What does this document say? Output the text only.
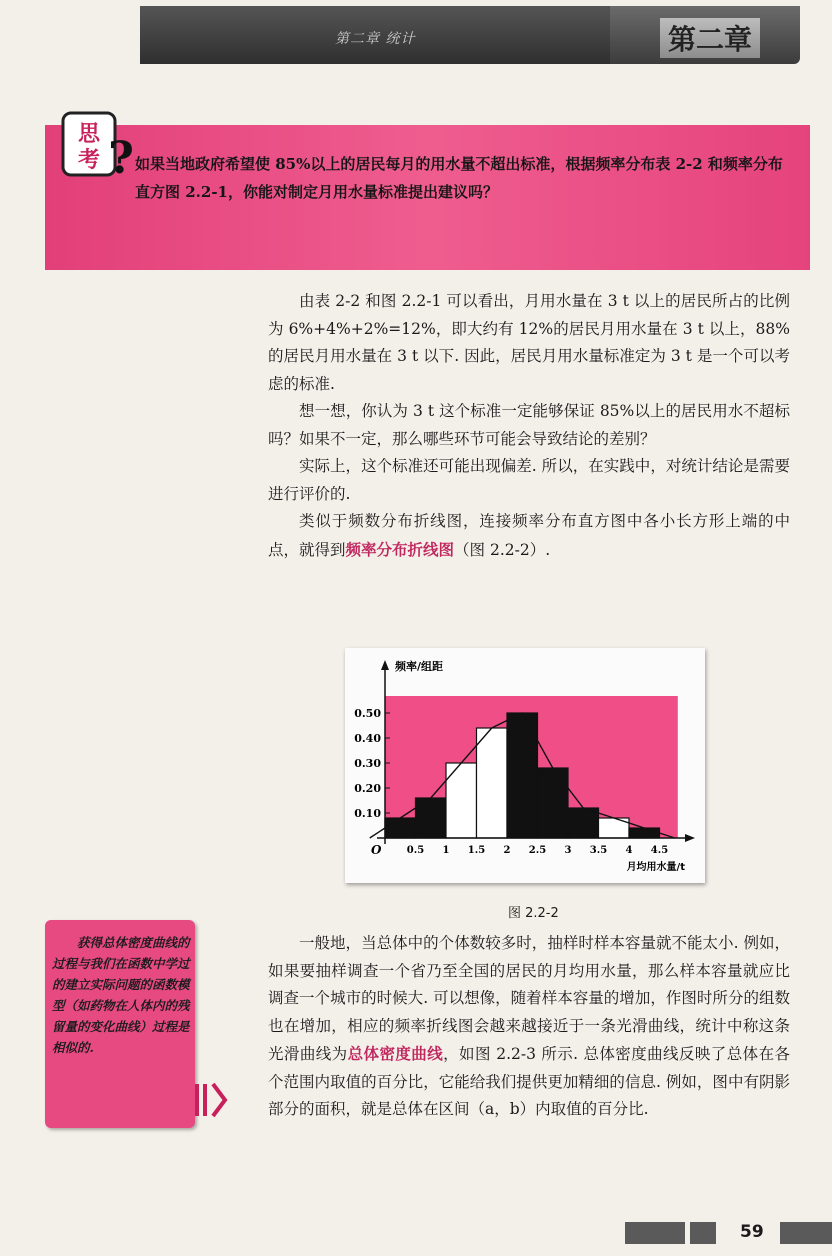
第二章 统计	第二章
思
考 ? 如果当地政府希望使 85%以上的居民每月的用水量不超出标准，根据频率分布表 2-2 和频率分布直方图 2.2-1，你能对制定月用水量标准提出建议吗？

由表 2-2 和图 2.2-1 可以看出，月用水量在 3 t 以上的居民所占的比例为 6%+4%+2%=12%，即大约有 12%的居民月用水量在 3 t 以上，88%的居民月用水量在 3 t 以下. 因此，居民月用水量标准定为 3 t 是一个可以考虑的标准.

想一想，你认为 3 t 这个标准一定能够保证 85%以上的居民用水不超标吗？如果不一定，那么哪些环节可能会导致结论的差别？

实际上，这个标准还可能出现偏差. 所以，在实践中，对统计结论是需要进行评价的.

类似于频数分布折线图，连接频率分布直方图中各小长方形上端的中点，就得到频率分布折线图（图 2.2-2）.

0.10
0.20
0.30
0.40
0.50
0.5 1 1.5 2 2.5 3 3.5 4 4.5
O
频率/组距
月均用水量/t
图 2.2-2
获得总体密度曲线的过程与我们在函数中学过的建立实际问题的函数模型（如药物在人体内的残留量的变化曲线）过程是相似的.

一般地，当总体中的个体数较多时，抽样时样本容量就不能太小. 例如，如果要抽样调查一个省乃至全国的居民的月均用水量，那么样本容量就应比调查一个城市的时候大. 可以想像，随着样本容量的增加，作图时所分的组数也在增加，相应的频率折线图会越来越接近于一条光滑曲线，统计中称这条光滑曲线为总体密度曲线，如图 2.2-3 所示. 总体密度曲线反映了总体在各个范围内取值的百分比，它能给我们提供更加精细的信息. 例如，图中有阴影部分的面积，就是总体在区间（a，b）内取值的百分比.

59
